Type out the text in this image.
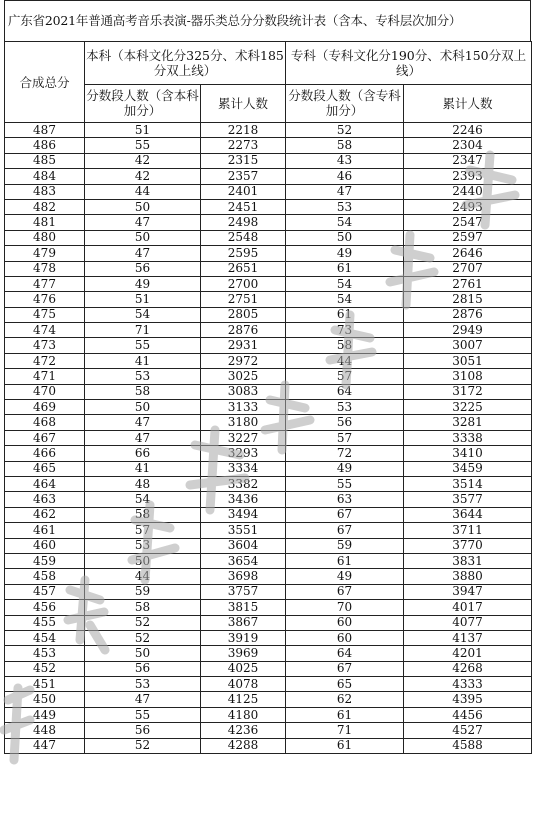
广东省2021年普通高考音乐表演-器乐类总分分数段统计表（含本、专科层次加分）
合成总分	本科（本科文化分325分、术科185分双上线）		专科（专科文化分190分、术科150分双上线）	
	分数段人数（含本科加分）	累计人数	分数段人数（含专科加分）	累计人数
487	51	2218	52	2246
486	55	2273	58	2304
485	42	2315	43	2347
484	42	2357	46	2393
483	44	2401	47	2440
482	50	2451	53	2493
481	47	2498	54	2547
480	50	2548	50	2597
479	47	2595	49	2646
478	56	2651	61	2707
477	49	2700	54	2761
476	51	2751	54	2815
475	54	2805	61	2876
474	71	2876	73	2949
473	55	2931	58	3007
472	41	2972	44	3051
471	53	3025	57	3108
470	58	3083	64	3172
469	50	3133	53	3225
468	47	3180	56	3281
467	47	3227	57	3338
466	66	3293	72	3410
465	41	3334	49	3459
464	48	3382	55	3514
463	54	3436	63	3577
462	58	3494	67	3644
461	57	3551	67	3711
460	53	3604	59	3770
459	50	3654	61	3831
458	44	3698	49	3880
457	59	3757	67	3947
456	58	3815	70	4017
455	52	3867	60	4077
454	52	3919	60	4137
453	50	3969	64	4201
452	56	4025	67	4268
451	53	4078	65	4333
450	47	4125	62	4395
449	55	4180	61	4456
448	56	4236	71	4527
447	52	4288	61	4588
